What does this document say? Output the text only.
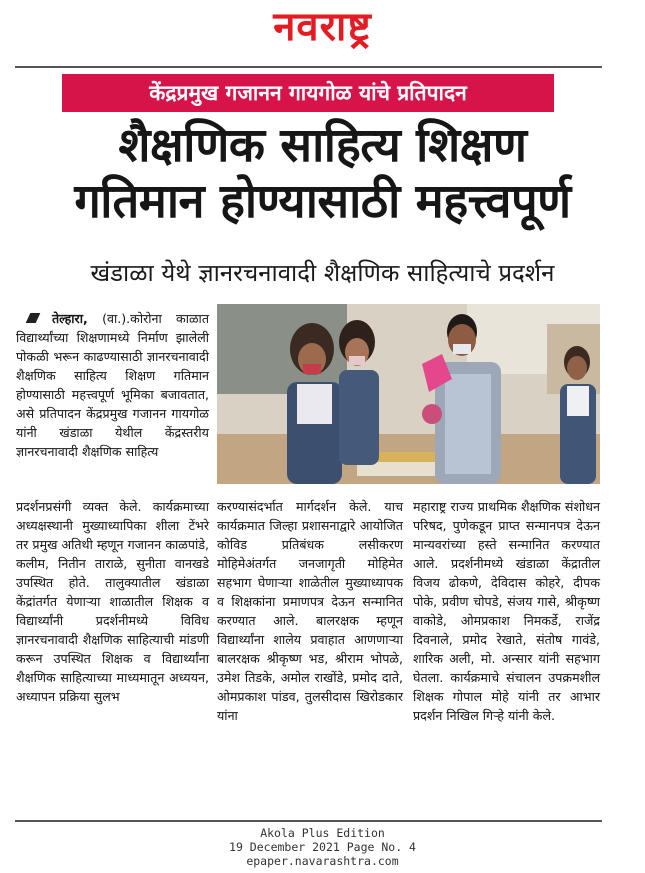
नवराष्ट्र
केंद्रप्रमुख गजानन गायगोळ यांचे प्रतिपादन
शैक्षणिक साहित्य शिक्षण
गतिमान होण्यासाठी महत्त्वपूर्ण
खंडाळा येथे ज्ञानरचनावादी शैक्षणिक साहित्याचे प्रदर्शन

तेल्हारा, (वा.).कोरोना काळात विद्यार्थ्यांच्या शिक्षणामध्ये निर्माण झालेली पोकळी भरून काढण्यासाठी ज्ञानरचनावादी शैक्षणिक साहित्य शिक्षण गतिमान होण्यासाठी महत्त्वपूर्ण भूमिका बजावतात, असे प्रतिपादन केंद्रप्रमुख गजानन गायगोळ यांनी खंडाळा येथील केंद्रस्तरीय ज्ञानरचनावादी शैक्षणिक साहित्य

प्रदर्शनप्रसंगी व्यक्त केले. कार्यक्रमाच्या अध्यक्षस्थानी मुख्याध्यापिका शीला टेंभरे तर प्रमुख अतिथी म्हणून गजानन काळपांडे, कलीम, नितीन ताराळे, सुनीता वानखडे उपस्थित होते. तालुक्यातील खंडाळा केंद्रांतर्गत येणाऱ्या शाळातील शिक्षक व विद्यार्थ्यांनी प्रदर्शनीमध्ये विविध ज्ञानरचनावादी शैक्षणिक साहित्याची मांडणी करून उपस्थित शिक्षक व विद्यार्थ्यांना शैक्षणिक साहित्याच्या माध्यमातून अध्ययन, अध्यापन प्रक्रिया सुलभ

करण्यासंदर्भात मार्गदर्शन केले. याच कार्यक्रमात जिल्हा प्रशासनाद्वारे आयोजित कोविड प्रतिबंधक लसीकरण मोहिमेअंतर्गत जनजागृती मोहिमेत सहभाग घेणाऱ्या शाळेतील मुख्याध्यापक व शिक्षकांना प्रमाणपत्र देऊन सन्मानित करण्यात आले. बालरक्षक म्हणून विद्यार्थ्यांना शालेय प्रवाहात आणणाऱ्या बालरक्षक श्रीकृष्ण भड, श्रीराम भोपळे, उमेश तिडके, अमोल राखोंडे, प्रमोद दाते, ओमप्रकाश पांडव, तुलसीदास खिरोडकार यांना

महाराष्ट्र राज्य प्राथमिक शैक्षणिक संशोधन परिषद, पुणेकडून प्राप्त सन्मानपत्र देऊन मान्यवरांच्या हस्ते सन्मानित करण्यात आले. प्रदर्शनीमध्ये खंडाळा केंद्रातील विजय ढोकणे, देविदास कोहरे, दीपक पोके, प्रवीण चोपडे, संजय गासे, श्रीकृष्ण वाकोडे, ओमप्रकाश निमकर्डे, राजेंद्र दिवनाले, प्रमोद रेखाते, संतोष गावंडे, शारिक अली, मो. अन्सार यांनी सहभाग घेतला. कार्यक्रमाचे संचालन उपक्रमशील शिक्षक गोपाल मोहे यांनी तर आभार प्रदर्शन निखिल गिऱ्हे यांनी केले.

Akola Plus Edition
19 December 2021 Page No. 4
epaper.navarashtra.com
